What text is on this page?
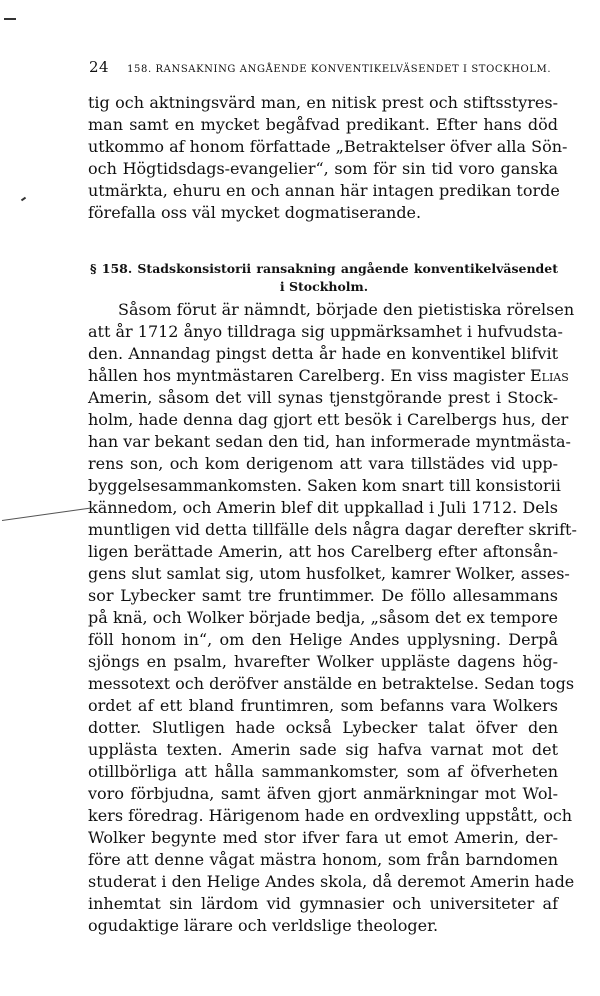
24 158. RANSAKNING ANGÅENDE KONVENTIKELVÄSENDET I STOCKHOLM.
tig och aktningsvärd man, en nitisk prest och stiftsstyres-
man samt en mycket begåfvad predikant. Efter hans död
utkommo af honom författade „Betraktelser öfver alla Sön-
och Högtidsdags-evangelier“, som för sin tid voro ganska
utmärkta, ehuru en och annan här intagen predikan torde
förefalla oss väl mycket dogmatiserande.
§ 158. Stadskonsistorii ransakning angående konventikelväsendet
i Stockholm.
Såsom förut är nämndt, började den pietistiska rörelsen
att år 1712 ånyo tilldraga sig uppmärksamhet i hufvudsta-
den. Annandag pingst detta år hade en konventikel blifvit
hållen hos myntmästaren Carelberg. En viss magister Elias
Amerin, såsom det vill synas tjenstgörande prest i Stock-
holm, hade denna dag gjort ett besök i Carelbergs hus, der
han var bekant sedan den tid, han informerade myntmästa-
rens son, och kom derigenom att vara tillstädes vid upp-
byggelsesammankomsten. Saken kom snart till konsistorii
kännedom, och Amerin blef dit uppkallad i Juli 1712. Dels
muntligen vid detta tillfälle dels några dagar derefter skrift-
ligen berättade Amerin, att hos Carelberg efter aftonsån-
gens slut samlat sig, utom husfolket, kamrer Wolker, asses-
sor Lybecker samt tre fruntimmer. De föllo allesammans
på knä, och Wolker började bedja, „såsom det ex tempore
föll honom in“, om den Helige Andes upplysning. Derpå
sjöngs en psalm, hvarefter Wolker uppläste dagens hög-
messotext och deröfver anstälde en betraktelse. Sedan togs
ordet af ett bland fruntimren, som befanns vara Wolkers
dotter. Slutligen hade också Lybecker talat öfver den
upplästa texten. Amerin sade sig hafva varnat mot det
otillbörliga att hålla sammankomster, som af öfverheten
voro förbjudna, samt äfven gjort anmärkningar mot Wol-
kers föredrag. Härigenom hade en ordvexling uppstått, och
Wolker begynte med stor ifver fara ut emot Amerin, der-
före att denne vågat mästra honom, som från barndomen
studerat i den Helige Andes skola, då deremot Amerin hade
inhemtat sin lärdom vid gymnasier och universiteter af
ogudaktige lärare och verldslige theologer.
